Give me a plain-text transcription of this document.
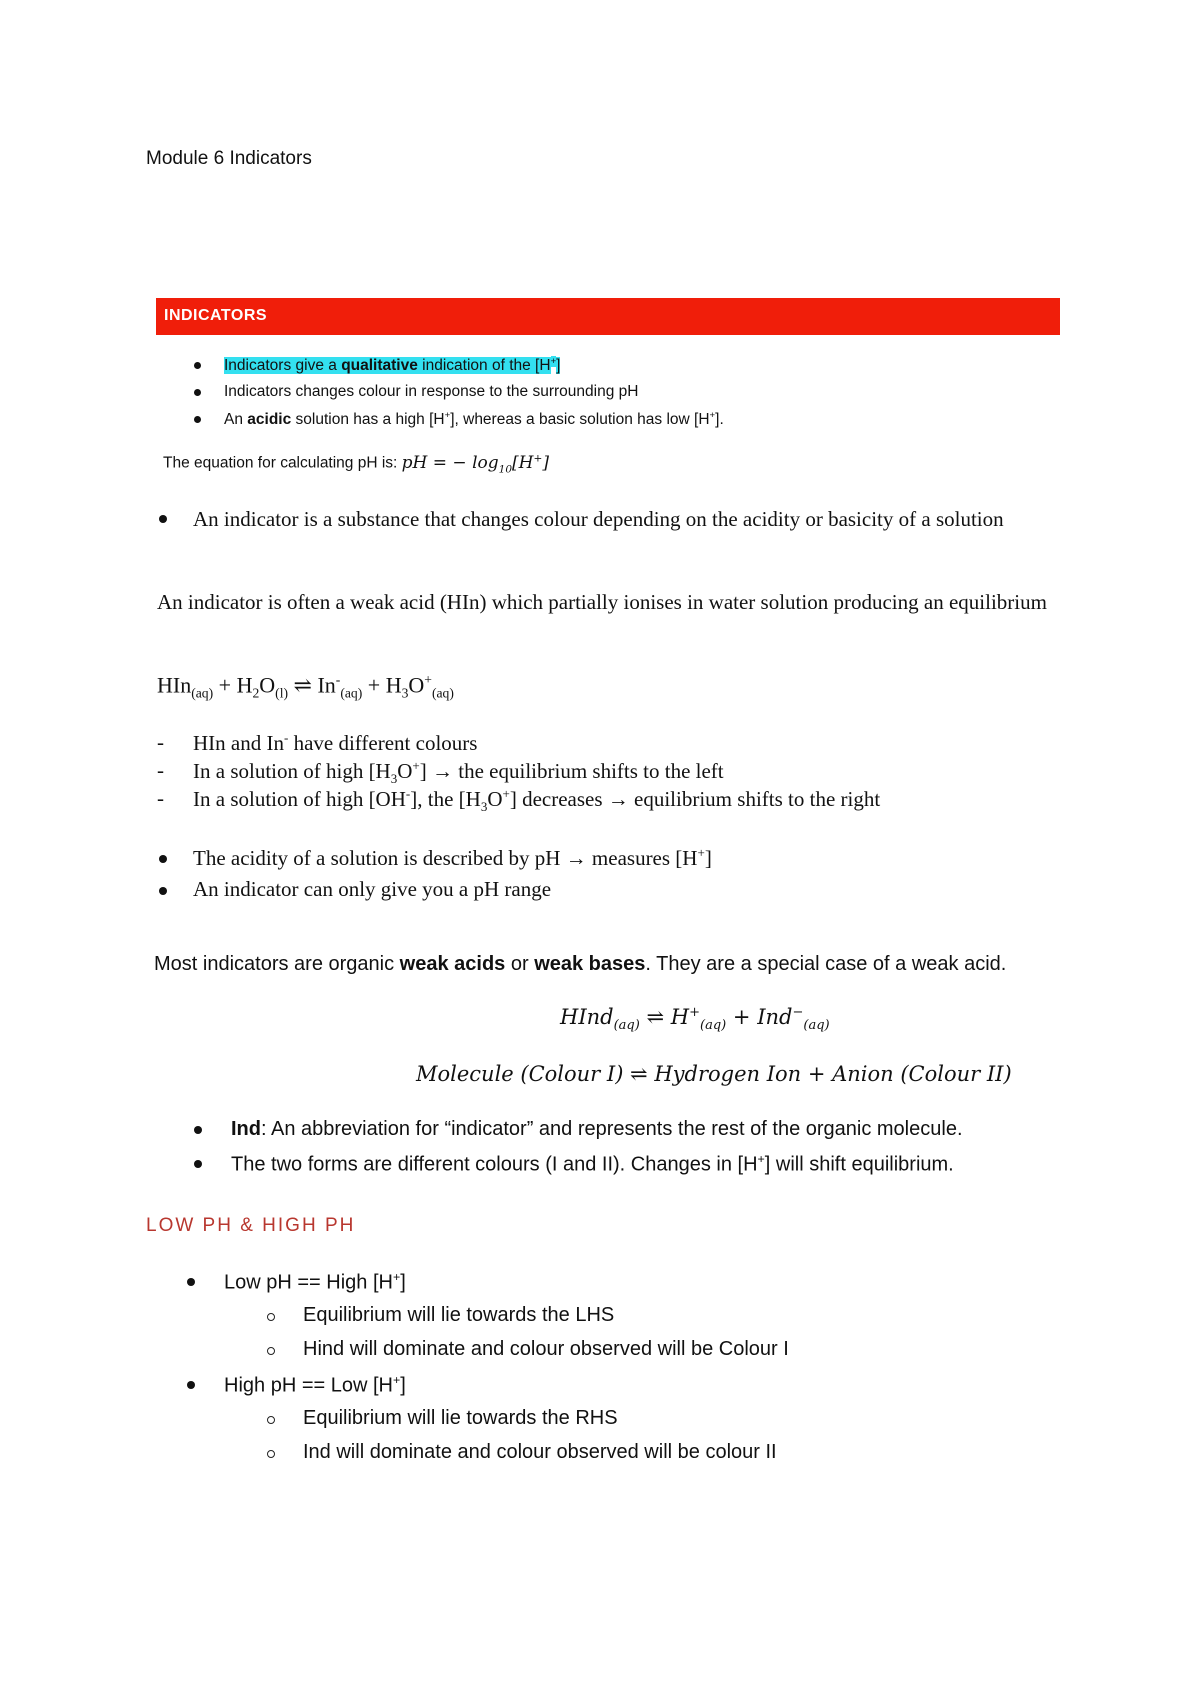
Module 6 Indicators
INDICATORS
Indicators give a qualitative indication of the [H+]
Indicators changes colour in response to the surrounding pH
An acidic solution has a high [H+], whereas a basic solution has low [H+].
The equation for calculating pH is: pH = − $\log_{10}[H^+]$
An indicator is a substance that changes colour depending on the acidity or basicity of a solution
An indicator is often a weak acid (HIn) which partially ionises in water solution producing an equilibrium
$HIn_{(aq)} + H_2O_{(l)}$ ⇌ $In^-_{(aq)} + H_3O^+_{(aq)}$
- HIn and In- have different colours
- In a solution of high $[H_3O^+]$ → the equilibrium shifts to the left
- In a solution of high [OH-], the $[H_3O^+]$ decreases → equilibrium shifts to the right
The acidity of a solution is described by pH → measures [H+]
An indicator can only give you a pH range
Most indicators are organic weak acids or weak bases. They are a special case of a weak acid.
HInd$_{(aq)}$ ⇌ $H^+_{(aq)} + Ind^-_{(aq)}$
Molecule (Colour I) ⇌ Hydrogen Ion + Anion (Colour II)
Ind: An abbreviation for “indicator” and represents the rest of the organic molecule.
The two forms are different colours (I and II). Changes in [H+] will shift equilibrium.
LOW PH & HIGH PH
Low pH == High [H+]
Equilibrium will lie towards the LHS
Hind will dominate and colour observed will be Colour I
High pH == Low [H+]
Equilibrium will lie towards the RHS
Ind will dominate and colour observed will be colour II
